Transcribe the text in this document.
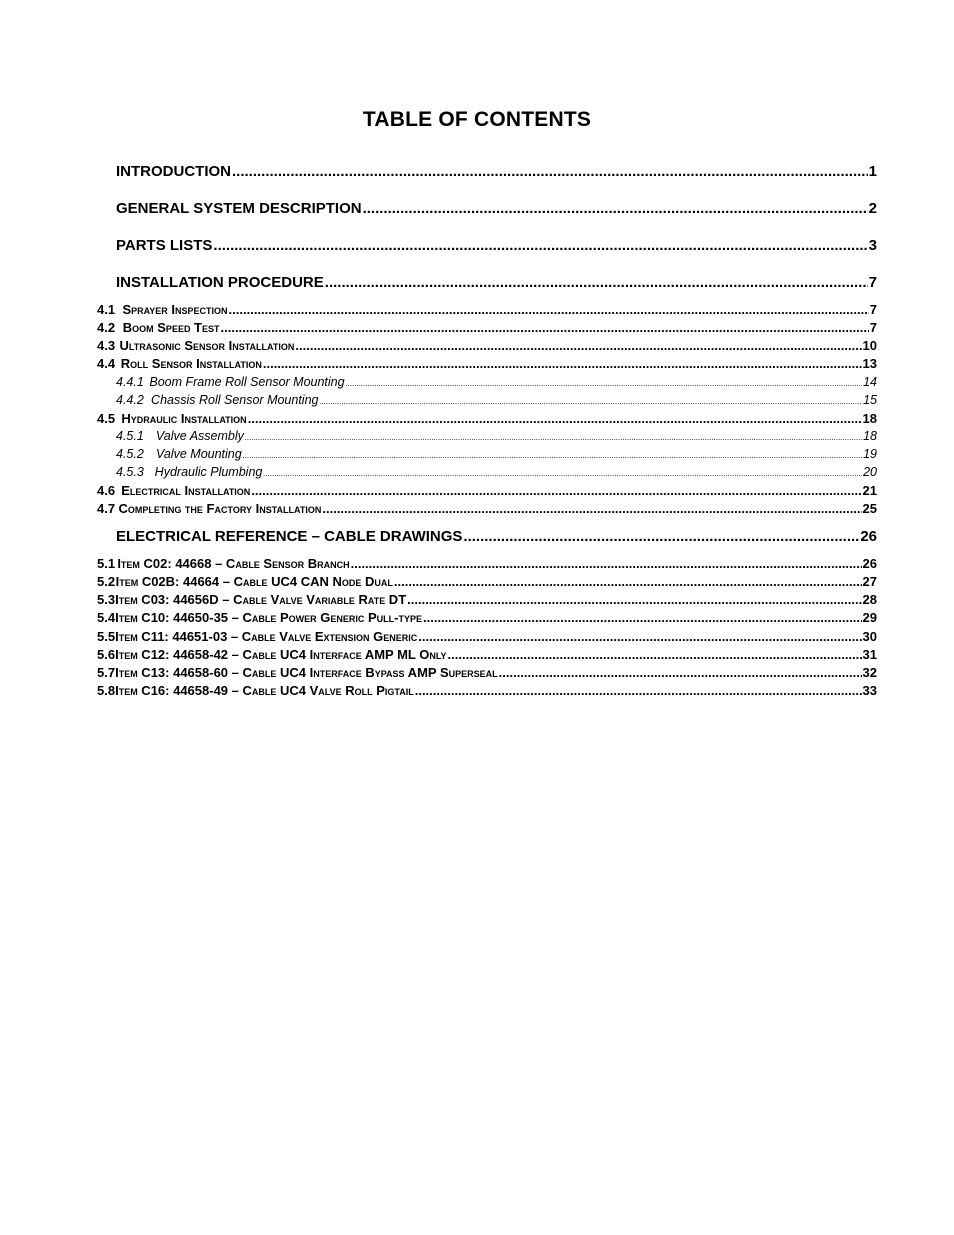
TABLE OF CONTENTS
INTRODUCTION .....	1
GENERAL SYSTEM DESCRIPTION .....	2
PARTS LISTS .....	3
INSTALLATION PROCEDURE .....	7
4.1 Sprayer Inspection .....	7
4.2 Boom Speed Test .....	7
4.3 Ultrasonic Sensor Installation .....	10
4.4 Roll Sensor Installation .....	13
4.4.1 Boom Frame Roll Sensor Mounting .....	14
4.4.2 Chassis Roll Sensor Mounting .....	15
4.5 Hydraulic Installation .....	18
4.5.1 Valve Assembly .....	18
4.5.2 Valve Mounting .....	19
4.5.3 Hydraulic Plumbing .....	20
4.6 Electrical Installation .....	21
4.7 Completing the Factory Installation .....	25
ELECTRICAL REFERENCE – CABLE DRAWINGS .....	26
5.1 Item C02: 44668 – Cable Sensor Branch .....	26
5.2 Item C02B: 44664 – Cable UC4 CAN Node Dual .....	27
5.3 Item C03: 44656D – Cable Valve Variable Rate DT .....	28
5.4 Item C10: 44650-35 – Cable Power Generic Pull-type .....	29
5.5 Item C11: 44651-03 – Cable Valve Extension Generic .....	30
5.6 Item C12: 44658-42 – Cable UC4 Interface AMP ML Only .....	31
5.7 Item C13: 44658-60 – Cable UC4 Interface Bypass AMP Superseal .....	32
5.8 Item C16: 44658-49 – Cable UC4 Valve Roll Pigtail .....	33
